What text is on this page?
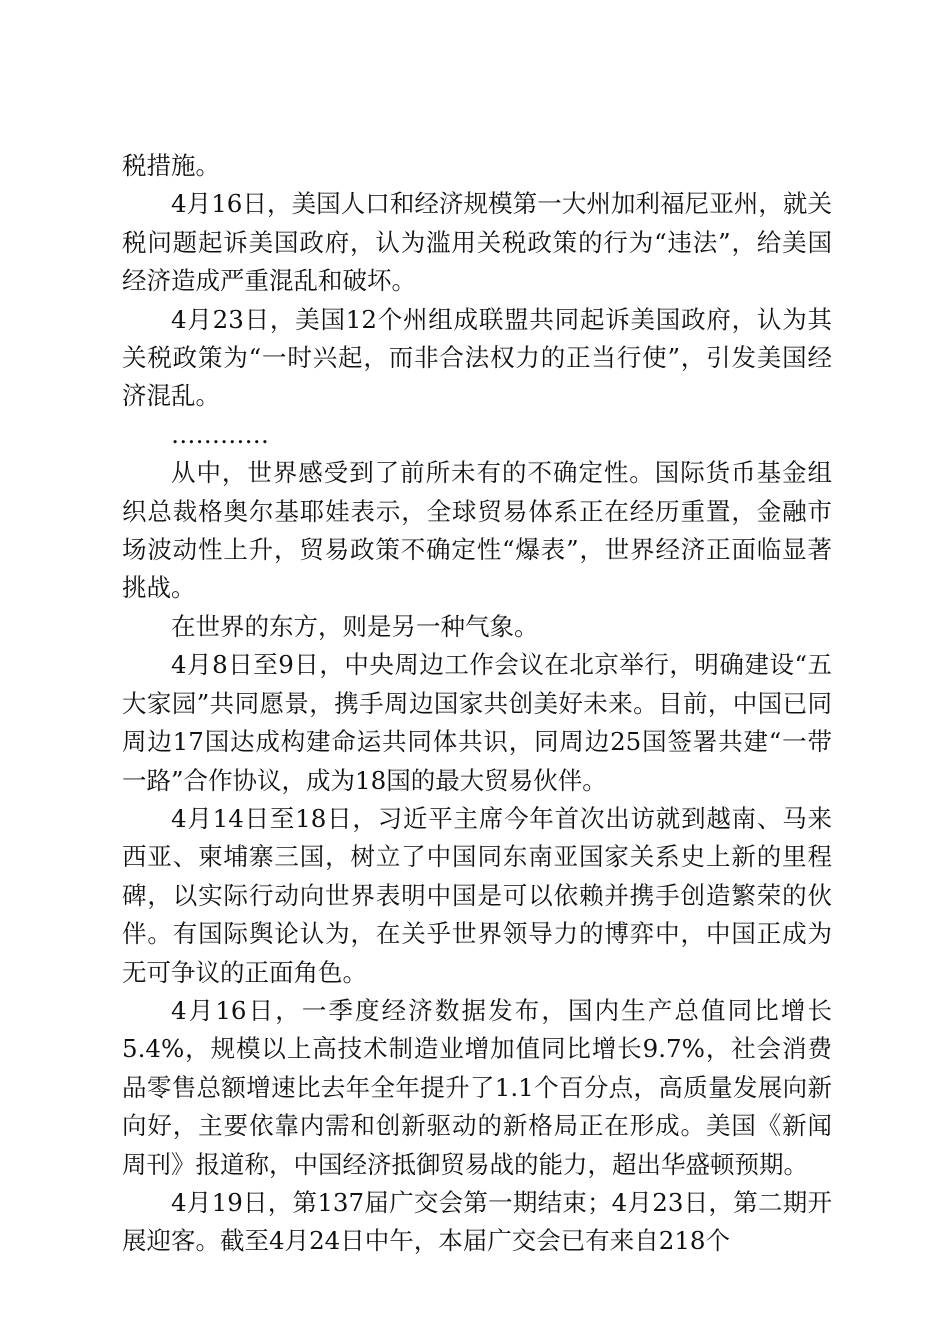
税措施。

4月16日，美国人口和经济规模第一大州加利福尼亚州，就关税问题起诉美国政府，认为滥用关税政策的行为“违法”，给美国经济造成严重混乱和破坏。

4月23日，美国12个州组成联盟共同起诉美国政府，认为其关税政策为“一时兴起，而非合法权力的正当行使”，引发美国经济混乱。

…………

从中，世界感受到了前所未有的不确定性。国际货币基金组织总裁格奥尔基耶娃表示，全球贸易体系正在经历重置，金融市场波动性上升，贸易政策不确定性“爆表”，世界经济正面临显著挑战。

在世界的东方，则是另一种气象。

4月8日至9日，中央周边工作会议在北京举行，明确建设“五大家园”共同愿景，携手周边国家共创美好未来。目前，中国已同周边17国达成构建命运共同体共识，同周边25国签署共建“一带一路”合作协议，成为18国的最大贸易伙伴。

4月14日至18日，习近平主席今年首次出访就到越南、马来西亚、柬埔寨三国，树立了中国同东南亚国家关系史上新的里程碑，以实际行动向世界表明中国是可以依赖并携手创造繁荣的伙伴。有国际舆论认为，在关乎世界领导力的博弈中，中国正成为无可争议的正面角色。

4月16日，一季度经济数据发布，国内生产总值同比增长5.4%，规模以上高技术制造业增加值同比增长9.7%，社会消费品零售总额增速比去年全年提升了1.1个百分点，高质量发展向新向好，主要依靠内需和创新驱动的新格局正在形成。美国《新闻周刊》报道称，中国经济抵御贸易战的能力，超出华盛顿预期。

4月19日，第137届广交会第一期结束；4月23日，第二期开展迎客。截至4月24日中午，本届广交会已有来自218个
